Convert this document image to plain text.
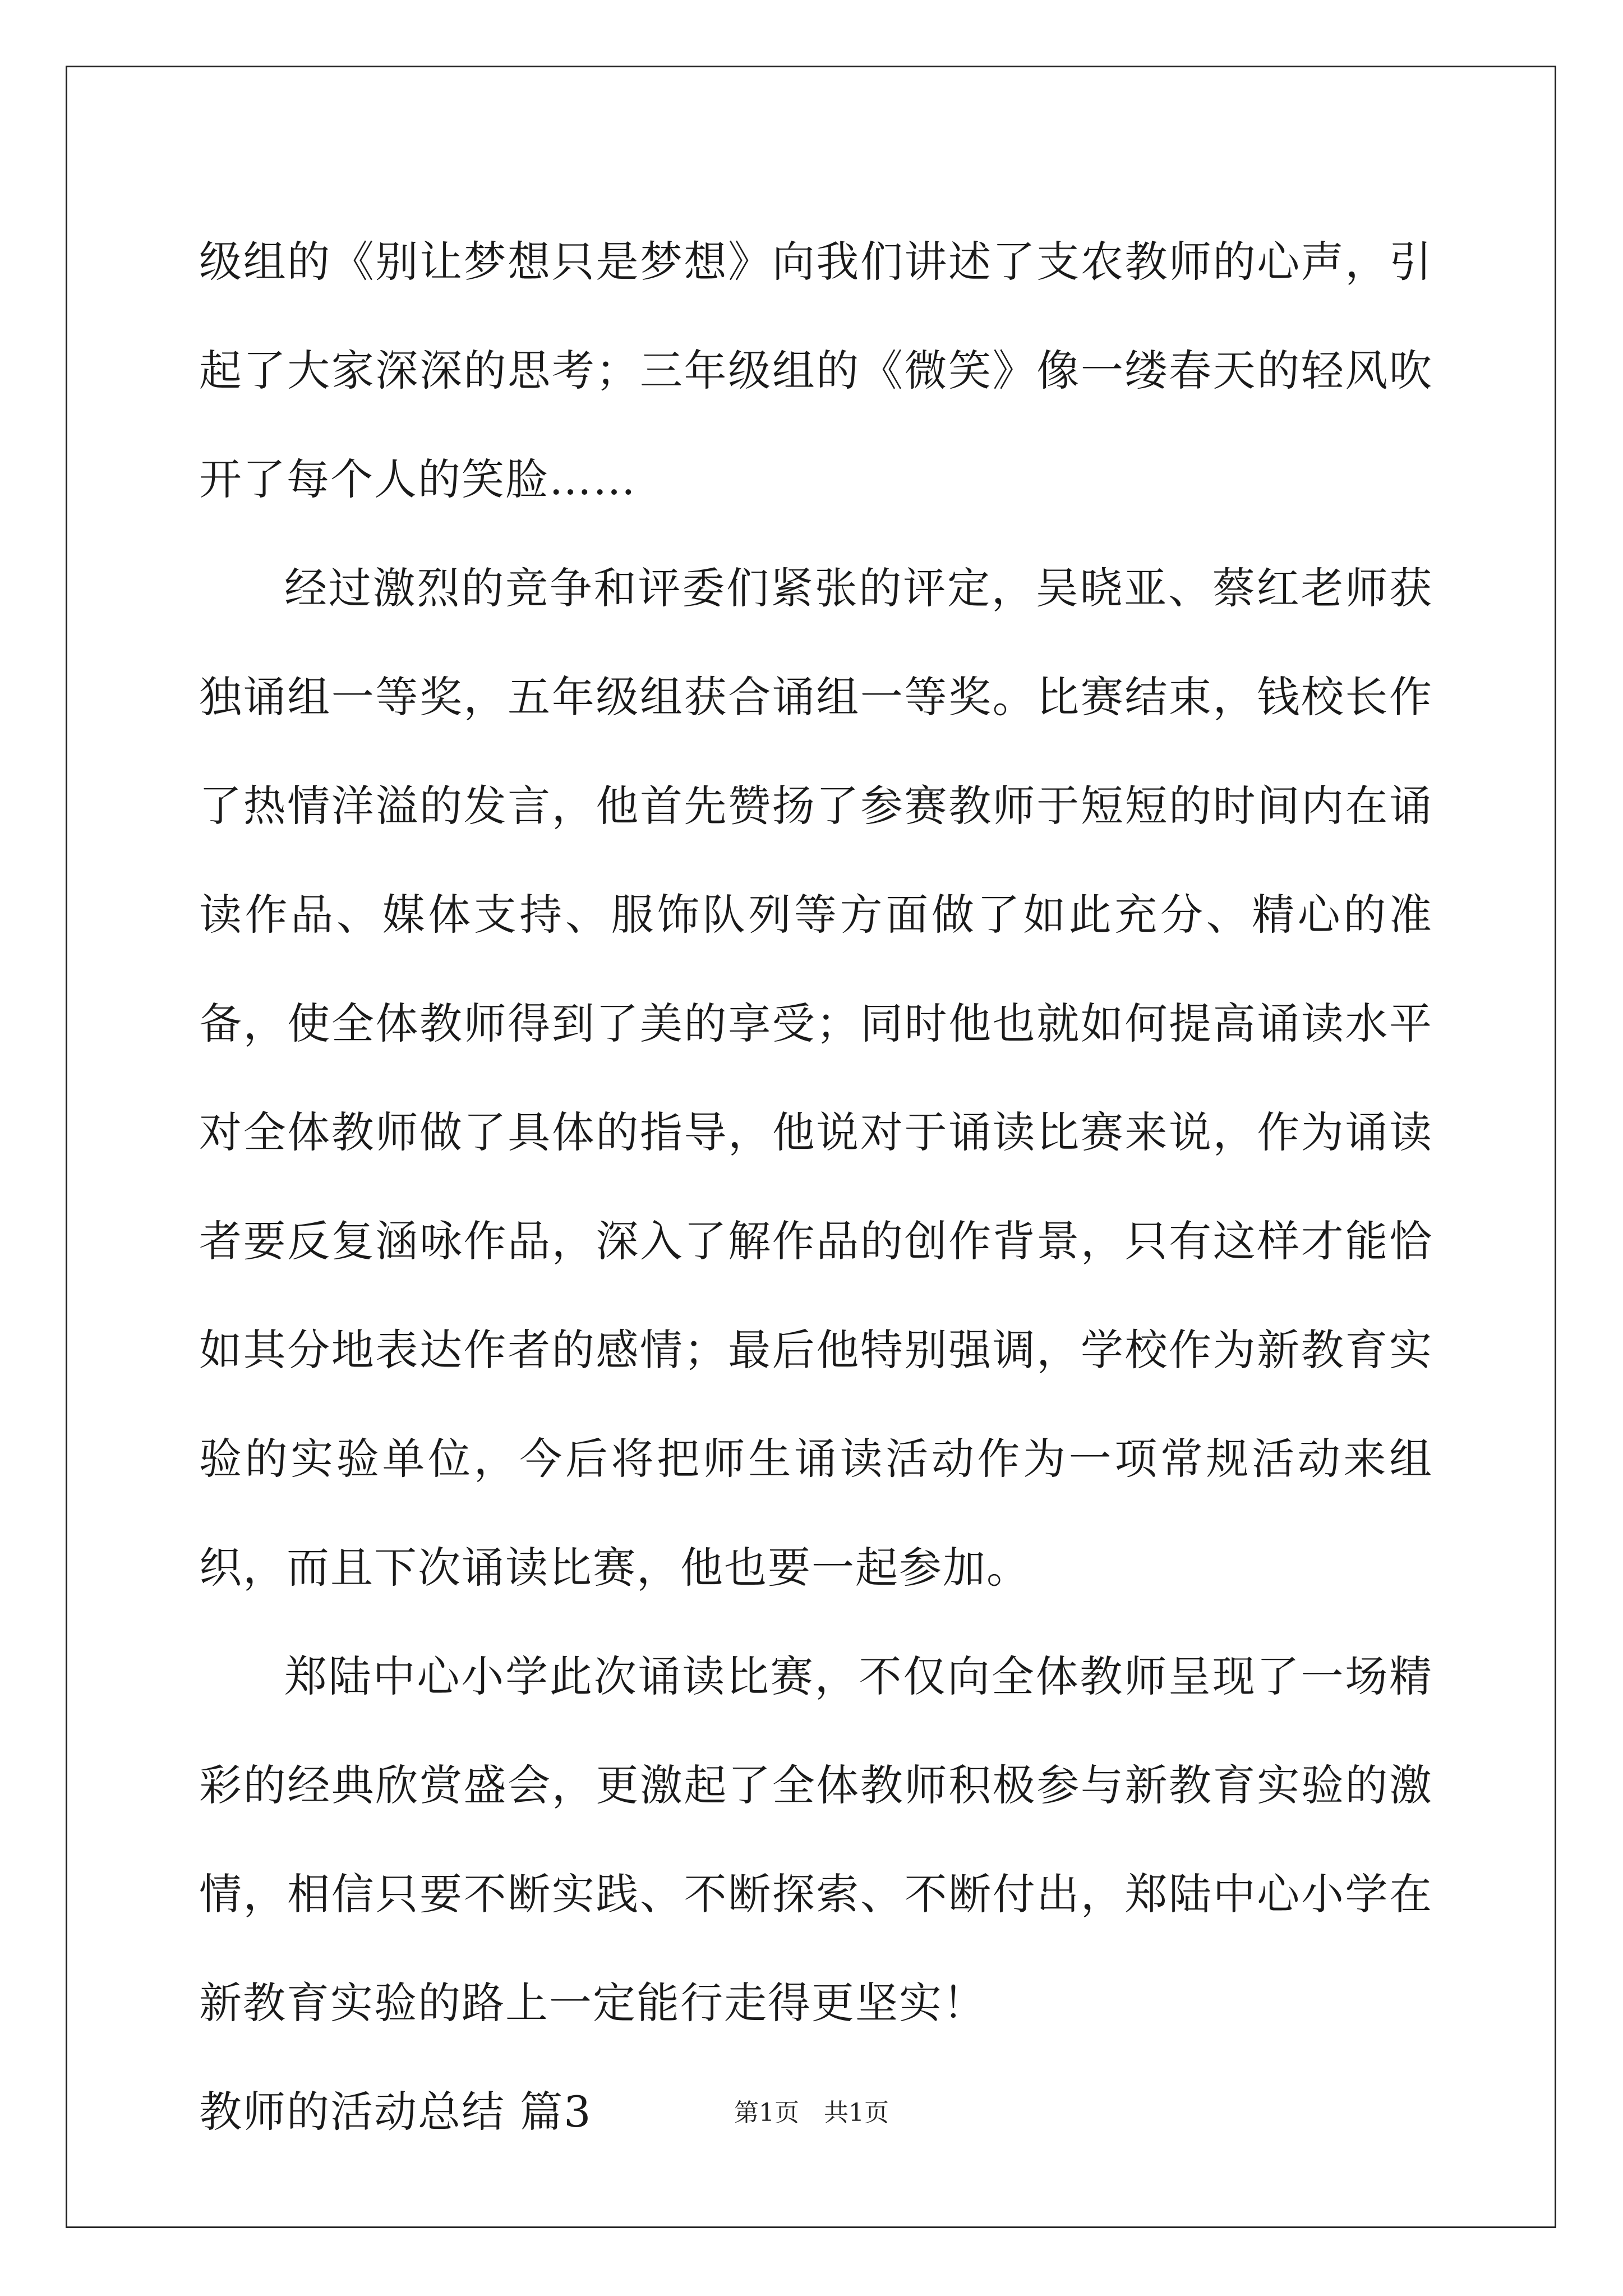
级组的《别让梦想只是梦想》向我们讲述了支农教师的心声，引起了大家深深的思考；三年级组的《微笑》像一缕春天的轻风吹开了每个人的笑脸……

经过激烈的竞争和评委们紧张的评定，吴晓亚、蔡红老师获独诵组一等奖，五年级组获合诵组一等奖。比赛结束，钱校长作了热情洋溢的发言，他首先赞扬了参赛教师于短短的时间内在诵读作品、媒体支持、服饰队列等方面做了如此充分、精心的准备，使全体教师得到了美的享受；同时他也就如何提高诵读水平对全体教师做了具体的指导，他说对于诵读比赛来说，作为诵读者要反复涵咏作品，深入了解作品的创作背景，只有这样才能恰如其分地表达作者的感情；最后他特别强调，学校作为新教育实验的实验单位，今后将把师生诵读活动作为一项常规活动来组织，而且下次诵读比赛，他也要一起参加。

郑陆中心小学此次诵读比赛，不仅向全体教师呈现了一场精彩的经典欣赏盛会，更激起了全体教师积极参与新教育实验的激情，相信只要不断实践、不断探索、不断付出，郑陆中心小学在新教育实验的路上一定能行走得更坚实！

教师的活动总结 篇3	第1页　共1页
